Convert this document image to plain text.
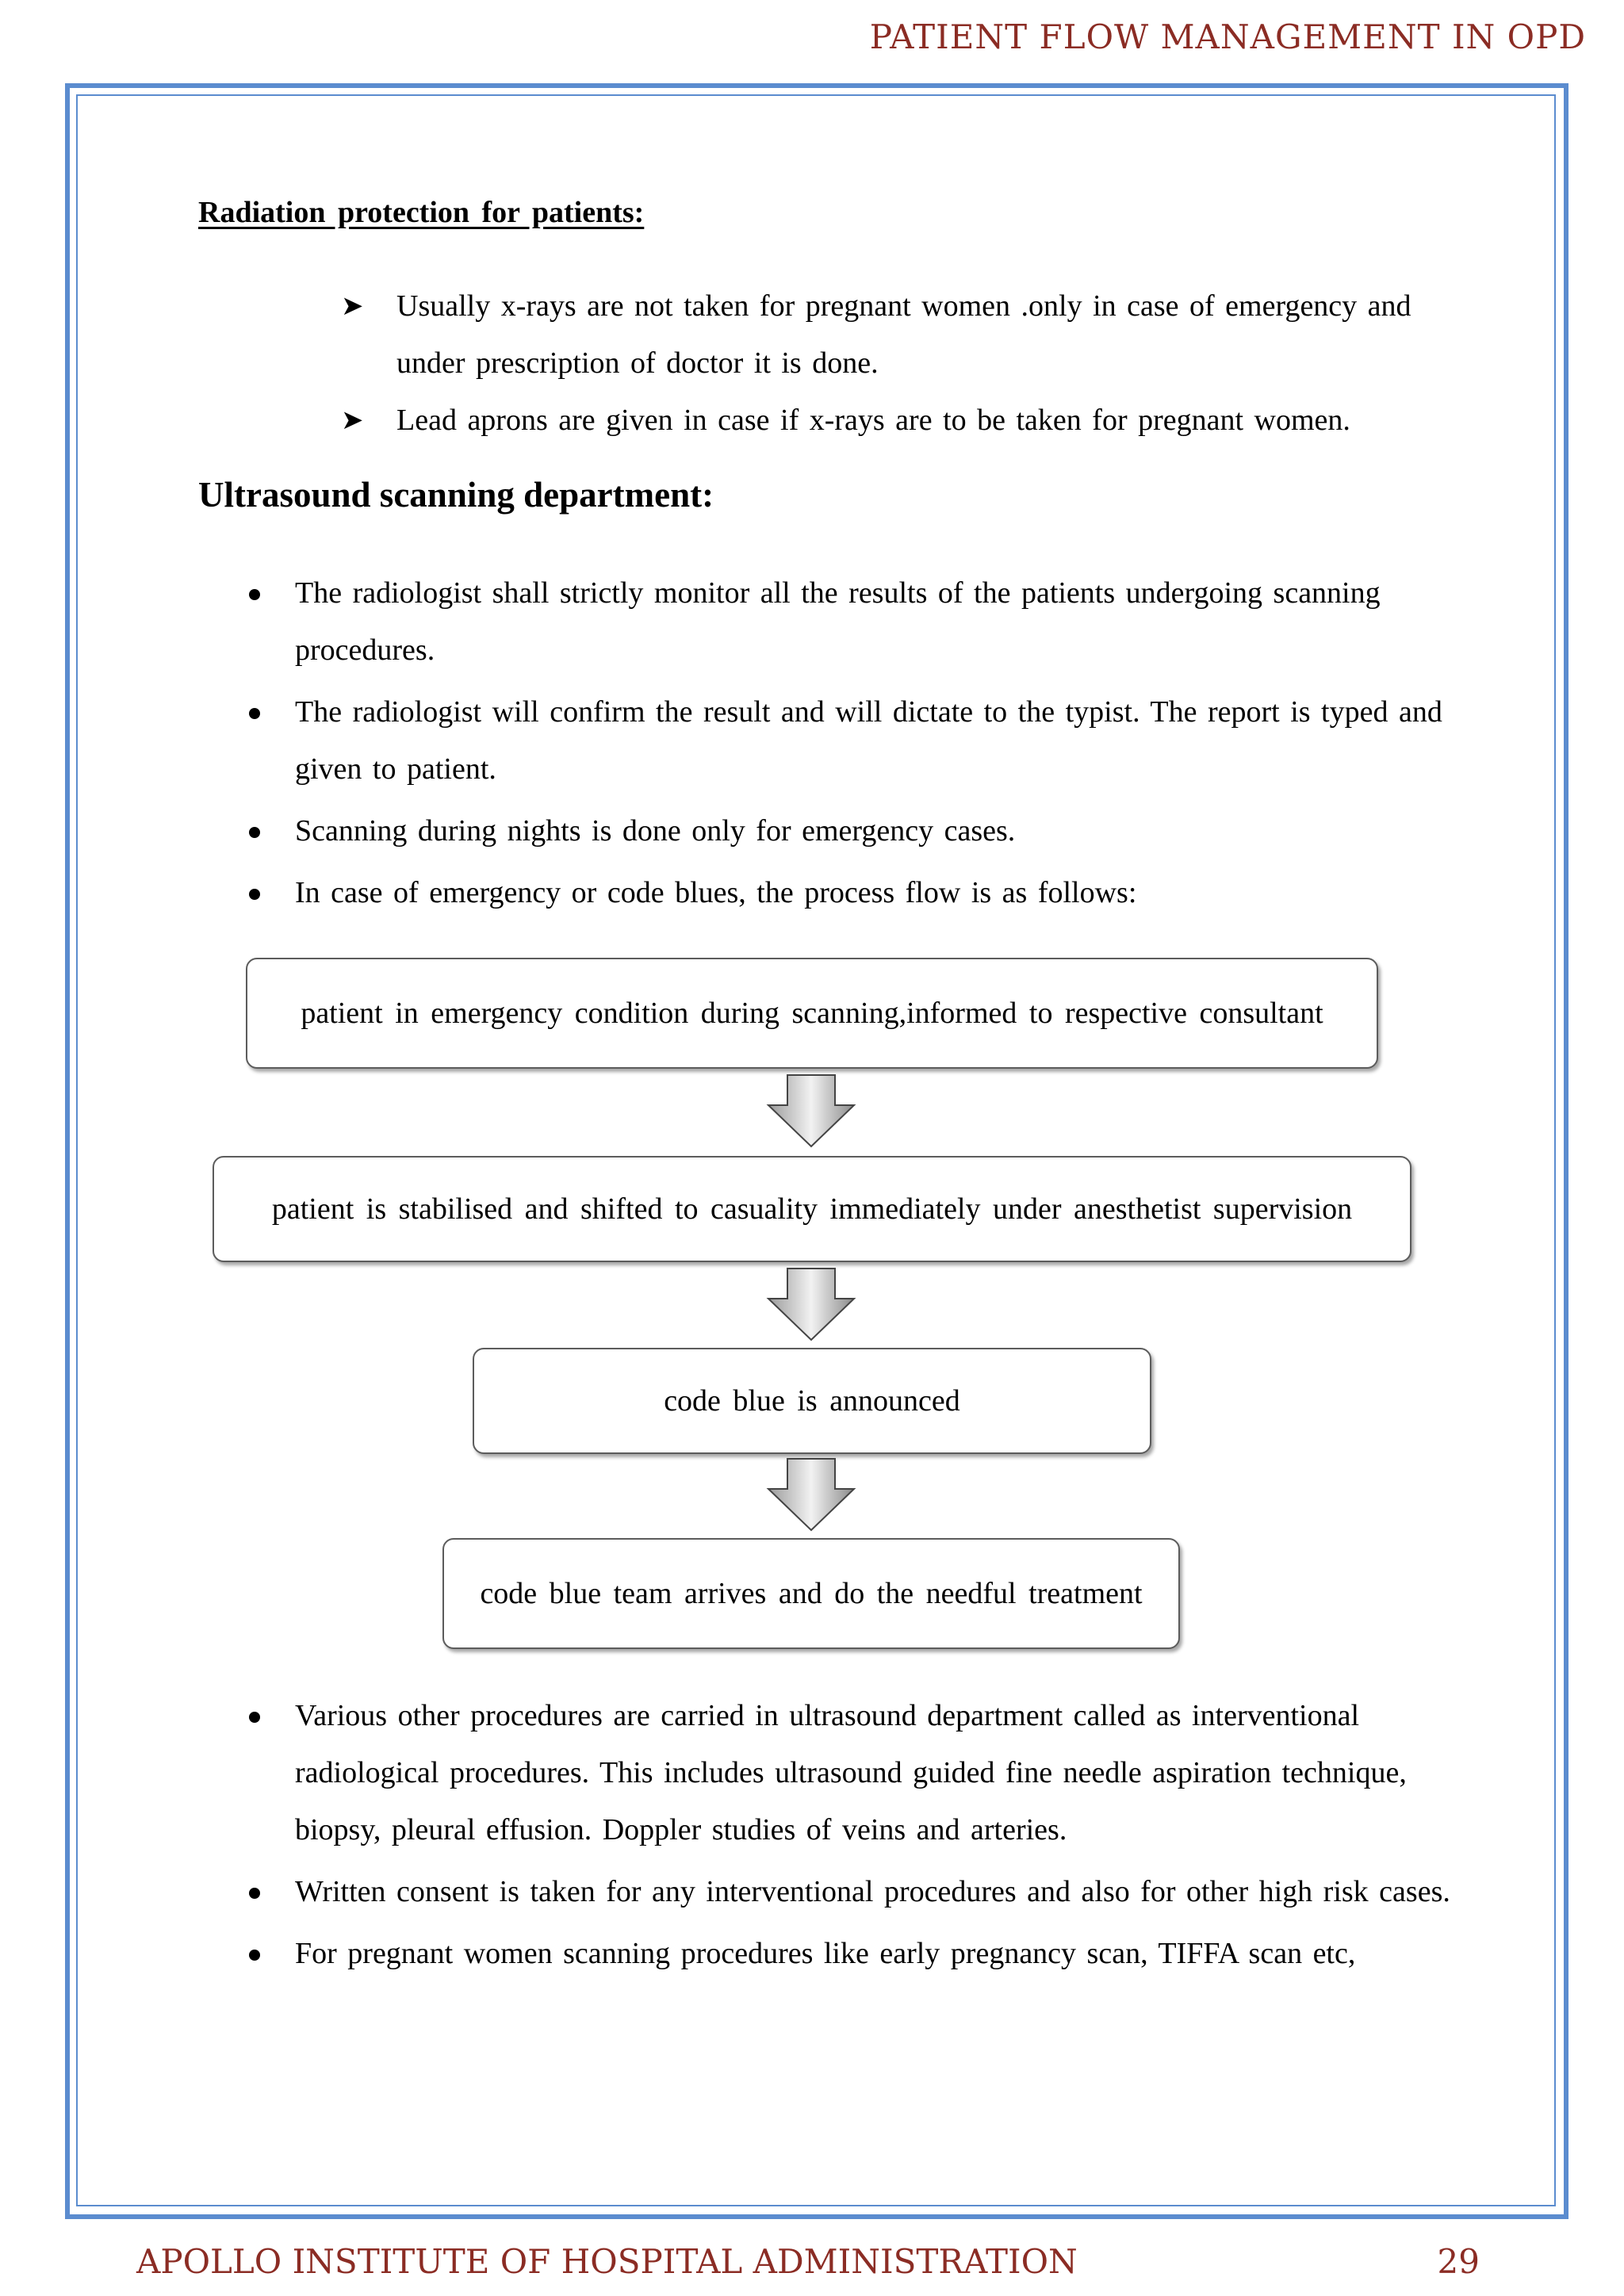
PATIENT FLOW MANAGEMENT IN OPD
Radiation protection for patients:
➤ Usually x-rays are not taken for pregnant women .only in case of emergency and under prescription of doctor it is done.
➤ Lead aprons are given in case if x-rays are to be taken for pregnant women.
Ultrasound scanning department:
The radiologist shall strictly monitor all the results of the patients undergoing scanning procedures.
The radiologist will confirm the result and will dictate to the typist. The report is typed and given to patient.
Scanning during nights is done only for emergency cases.
In case of emergency or code blues, the process flow is as follows:
patient in emergency condition during scanning,informed to respective consultant
patient is stabilised and shifted to casuality immediately under anesthetist supervision
code blue is announced
code blue team arrives and do the needful treatment
Various other procedures are carried in ultrasound department called as interventional radiological procedures. This includes ultrasound guided fine needle aspiration technique, biopsy, pleural effusion. Doppler studies of veins and arteries.
Written consent is taken for any interventional procedures and also for other high risk cases.
For pregnant women scanning procedures like early pregnancy scan, TIFFA scan etc,
APOLLO INSTITUTE OF HOSPITAL ADMINISTRATION	29
